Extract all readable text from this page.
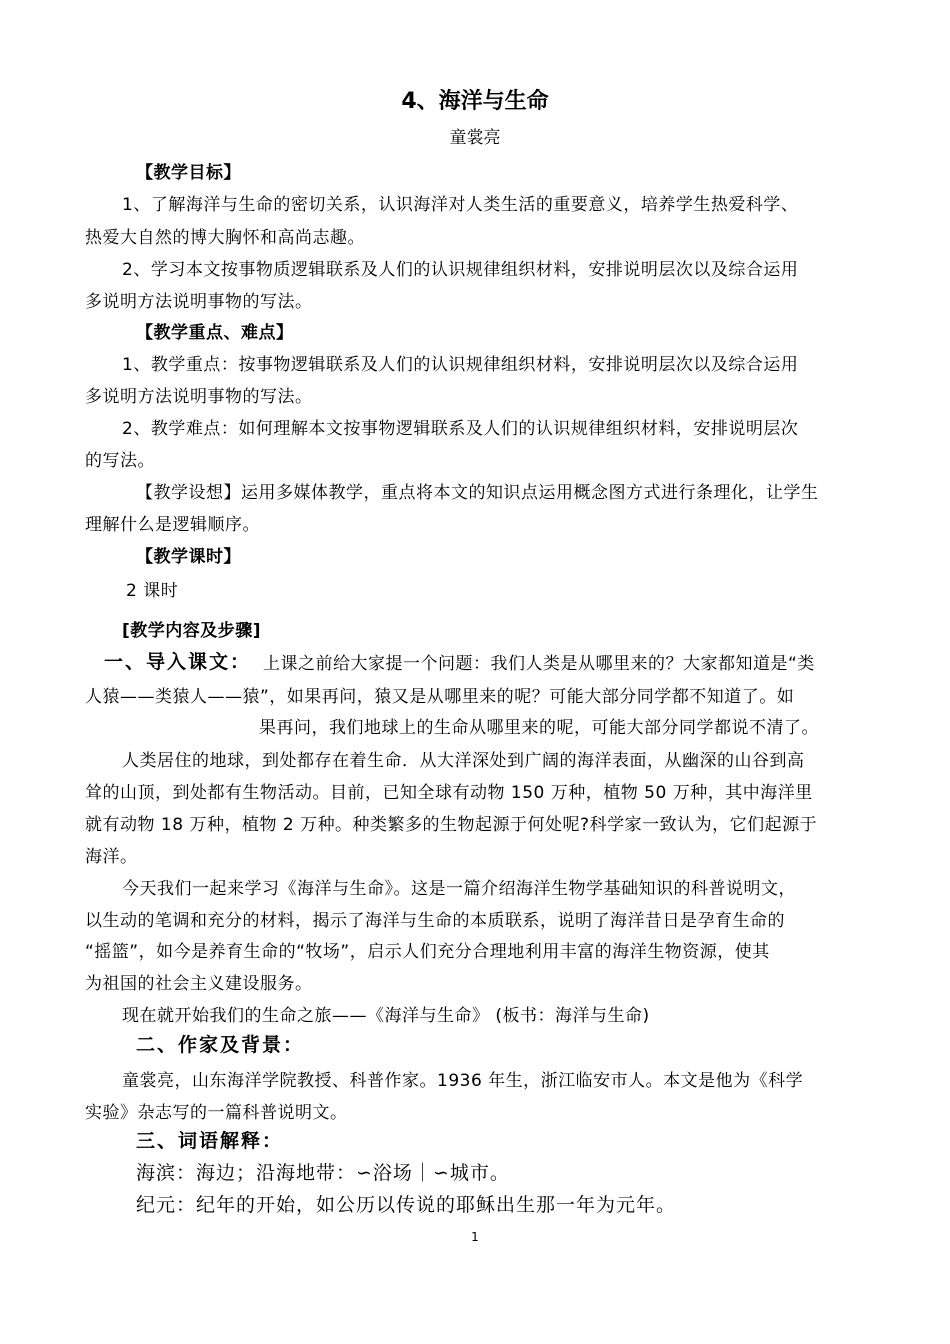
4、海洋与生命
童裳亮
【教学目标】
1、了解海洋与生命的密切关系，认识海洋对人类生活的重要意义，培养学生热爱科学、
热爱大自然的博大胸怀和高尚志趣。
2、学习本文按事物质逻辑联系及人们的认识规律组织材料，安排说明层次以及综合运用
多说明方法说明事物的写法。
【教学重点、难点】
1、教学重点：按事物逻辑联系及人们的认识规律组织材料，安排说明层次以及综合运用
多说明方法说明事物的写法。
2、教学难点：如何理解本文按事物逻辑联系及人们的认识规律组织材料，安排说明层次
的写法。
【教学设想】运用多媒体教学，重点将本文的知识点运用概念图方式进行条理化，让学生
理解什么是逻辑顺序。
【教学课时】
2 课时
[教学内容及步骤]
一、导入课文： 上课之前给大家提一个问题：我们人类是从哪里来的？大家都知道是“类
人猿——类猿人——猿”，如果再问，猿又是从哪里来的呢？可能大部分同学都不知道了。如
果再问，我们地球上的生命从哪里来的呢，可能大部分同学都说不清了。
人类居住的地球，到处都存在着生命．从大洋深处到广阔的海洋表面，从幽深的山谷到高
耸的山顶，到处都有生物活动。目前，已知全球有动物 150 万种，植物 50 万种，其中海洋里
就有动物 18 万种，植物 2 万种。种类繁多的生物起源于何处呢?科学家一致认为，它们起源于
海洋。
今天我们一起来学习《海洋与生命》。这是一篇介绍海洋生物学基础知识的科普说明文，
以生动的笔调和充分的材料，揭示了海洋与生命的本质联系，说明了海洋昔日是孕育生命的
“摇篮”，如今是养育生命的“牧场”，启示人们充分合理地利用丰富的海洋生物资源，使其
为祖国的社会主义建设服务。
现在就开始我们的生命之旅——《海洋与生命》 (板书：海洋与生命)
二、作家及背景：
童裳亮，山东海洋学院教授、科普作家。1936 年生，浙江临安市人。本文是他为《科学
实验》杂志写的一篇科普说明文。
三、词语解释：
海滨：海边；沿海地带：∽浴场｜∽城市。
纪元：纪年的开始，如公历以传说的耶稣出生那一年为元年。
1
